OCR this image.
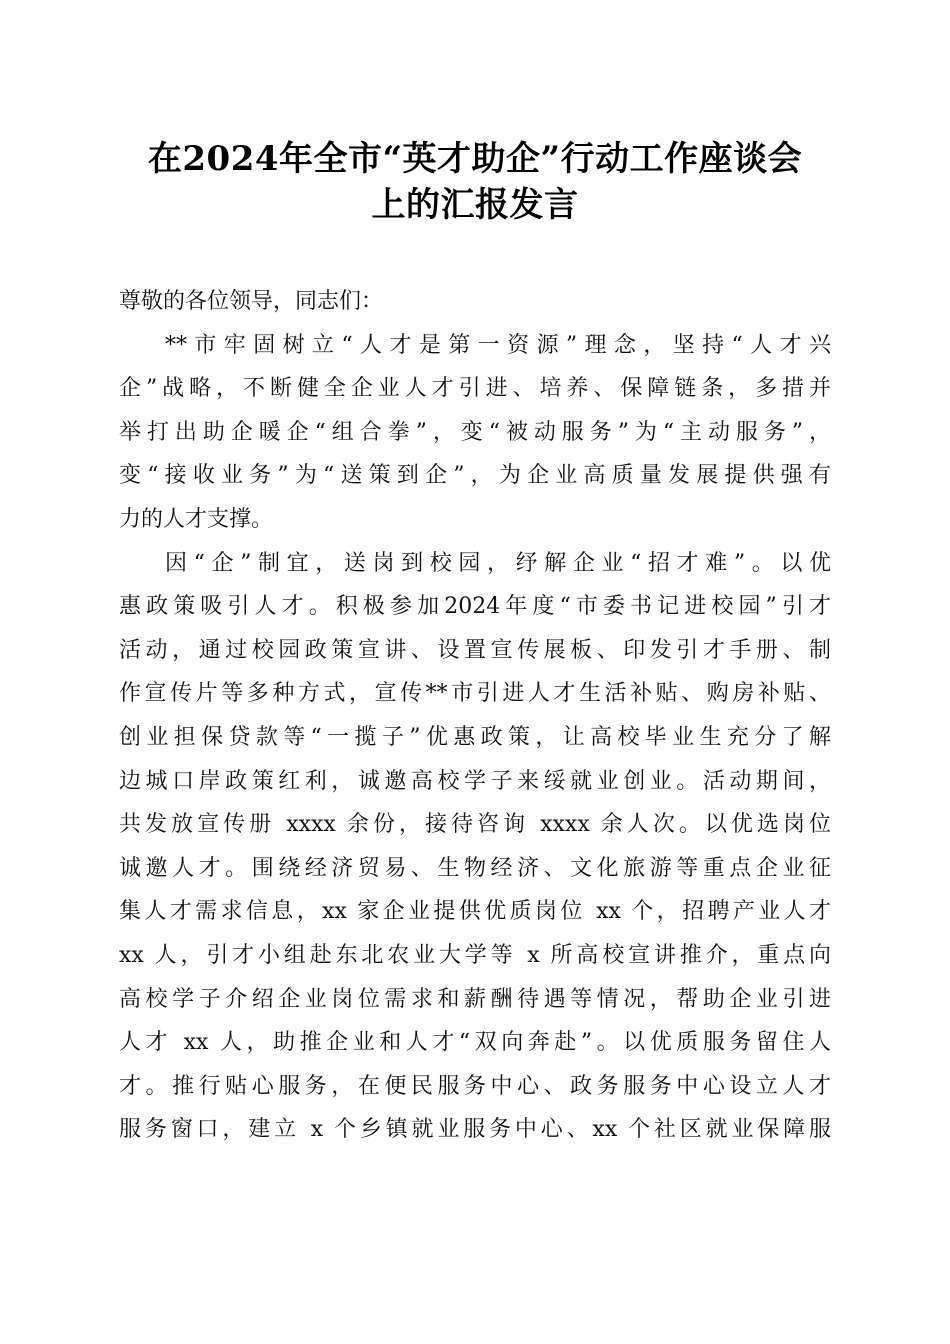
在2024年全市“英才助企”行动工作座谈会
上的汇报发言
尊敬的各位领导，同志们：
**市牢固树立“人才是第一资源”理念，坚持“人才兴
企”战略，不断健全企业人才引进、培养、保障链条，多措并
举打出助企暖企“组合拳”，变“被动服务”为“主动服务”，
变“接收业务”为“送策到企”，为企业高质量发展提供强有
力的人才支撑。
因“企”制宜，送岗到校园，纾解企业“招才难”。以优
惠政策吸引人才。积极参加2024年度“市委书记进校园”引才
活动，通过校园政策宣讲、设置宣传展板、印发引才手册、制
作宣传片等多种方式，宣传**市引进人才生活补贴、购房补贴、
创业担保贷款等“一揽子”优惠政策，让高校毕业生充分了解
边城口岸政策红利，诚邀高校学子来绥就业创业。活动期间，
共发放宣传册 xxxx 余份，接待咨询 xxxx 余人次。以优选岗位
诚邀人才。围绕经济贸易、生物经济、文化旅游等重点企业征
集人才需求信息，xx 家企业提供优质岗位 xx 个，招聘产业人才
xx 人，引才小组赴东北农业大学等 x 所高校宣讲推介，重点向
高校学子介绍企业岗位需求和薪酬待遇等情况，帮助企业引进
人才 xx 人，助推企业和人才“双向奔赴”。以优质服务留住人
才。推行贴心服务，在便民服务中心、政务服务中心设立人才
服务窗口，建立 x 个乡镇就业服务中心、xx 个社区就业保障服
